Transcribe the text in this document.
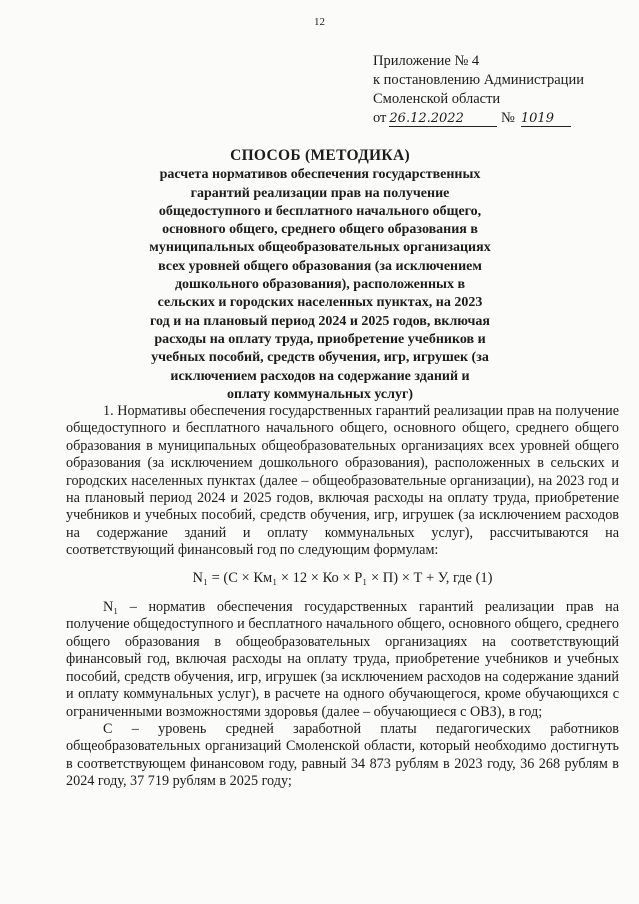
12
Приложение № 4
к постановлению Администрации
Смоленской области
от 26.12.2022	№ 1019
СПОСОБ (МЕТОДИКА)
расчета нормативов обеспечения государственных
гарантий реализации прав на получение
общедоступного и бесплатного начального общего,
основного общего, среднего общего образования в
муниципальных общеобразовательных организациях
всех уровней общего образования (за исключением
дошкольного образования), расположенных в
сельских и городских населенных пунктах, на 2023
год и на плановый период 2024 и 2025 годов, включая
расходы на оплату труда, приобретение учебников и
учебных пособий, средств обучения, игр, игрушек (за
исключением расходов на содержание зданий и
оплату коммунальных услуг)

1. Нормативы обеспечения государственных гарантий реализации прав на получение общедоступного и бесплатного начального общего, основного общего, среднего общего образования в муниципальных общеобразовательных организациях всех уровней общего образования (за исключением дошкольного образования), расположенных в сельских и городских населенных пунктах (далее – общеобразовательные организации), на 2023 год и на плановый период 2024 и 2025 годов, включая расходы на оплату труда, приобретение учебников и учебных пособий, средств обучения, игр, игрушек (за исключением расходов на содержание зданий и оплату коммунальных услуг), рассчитываются на соответствующий финансовый год по следующим формулам:

N₁ = (С × Км₁ × 12 × Ко × Р₁ × П) × Т + У, где (1)

N₁ – норматив обеспечения государственных гарантий реализации прав на получение общедоступного и бесплатного начального общего, основного общего, среднего общего образования в общеобразовательных организациях на соответствующий финансовый год, включая расходы на оплату труда, приобретение учебников и учебных пособий, средств обучения, игр, игрушек (за исключением расходов на содержание зданий и оплату коммунальных услуг), в расчете на одного обучающегося, кроме обучающихся с ограниченными возможностями здоровья (далее – обучающиеся с ОВЗ), в год;

С – уровень средней заработной платы педагогических работников общеобразовательных организаций Смоленской области, который необходимо достигнуть в соответствующем финансовом году, равный 34 873 рублям в 2023 году, 36 268 рублям в 2024 году, 37 719 рублям в 2025 году;
